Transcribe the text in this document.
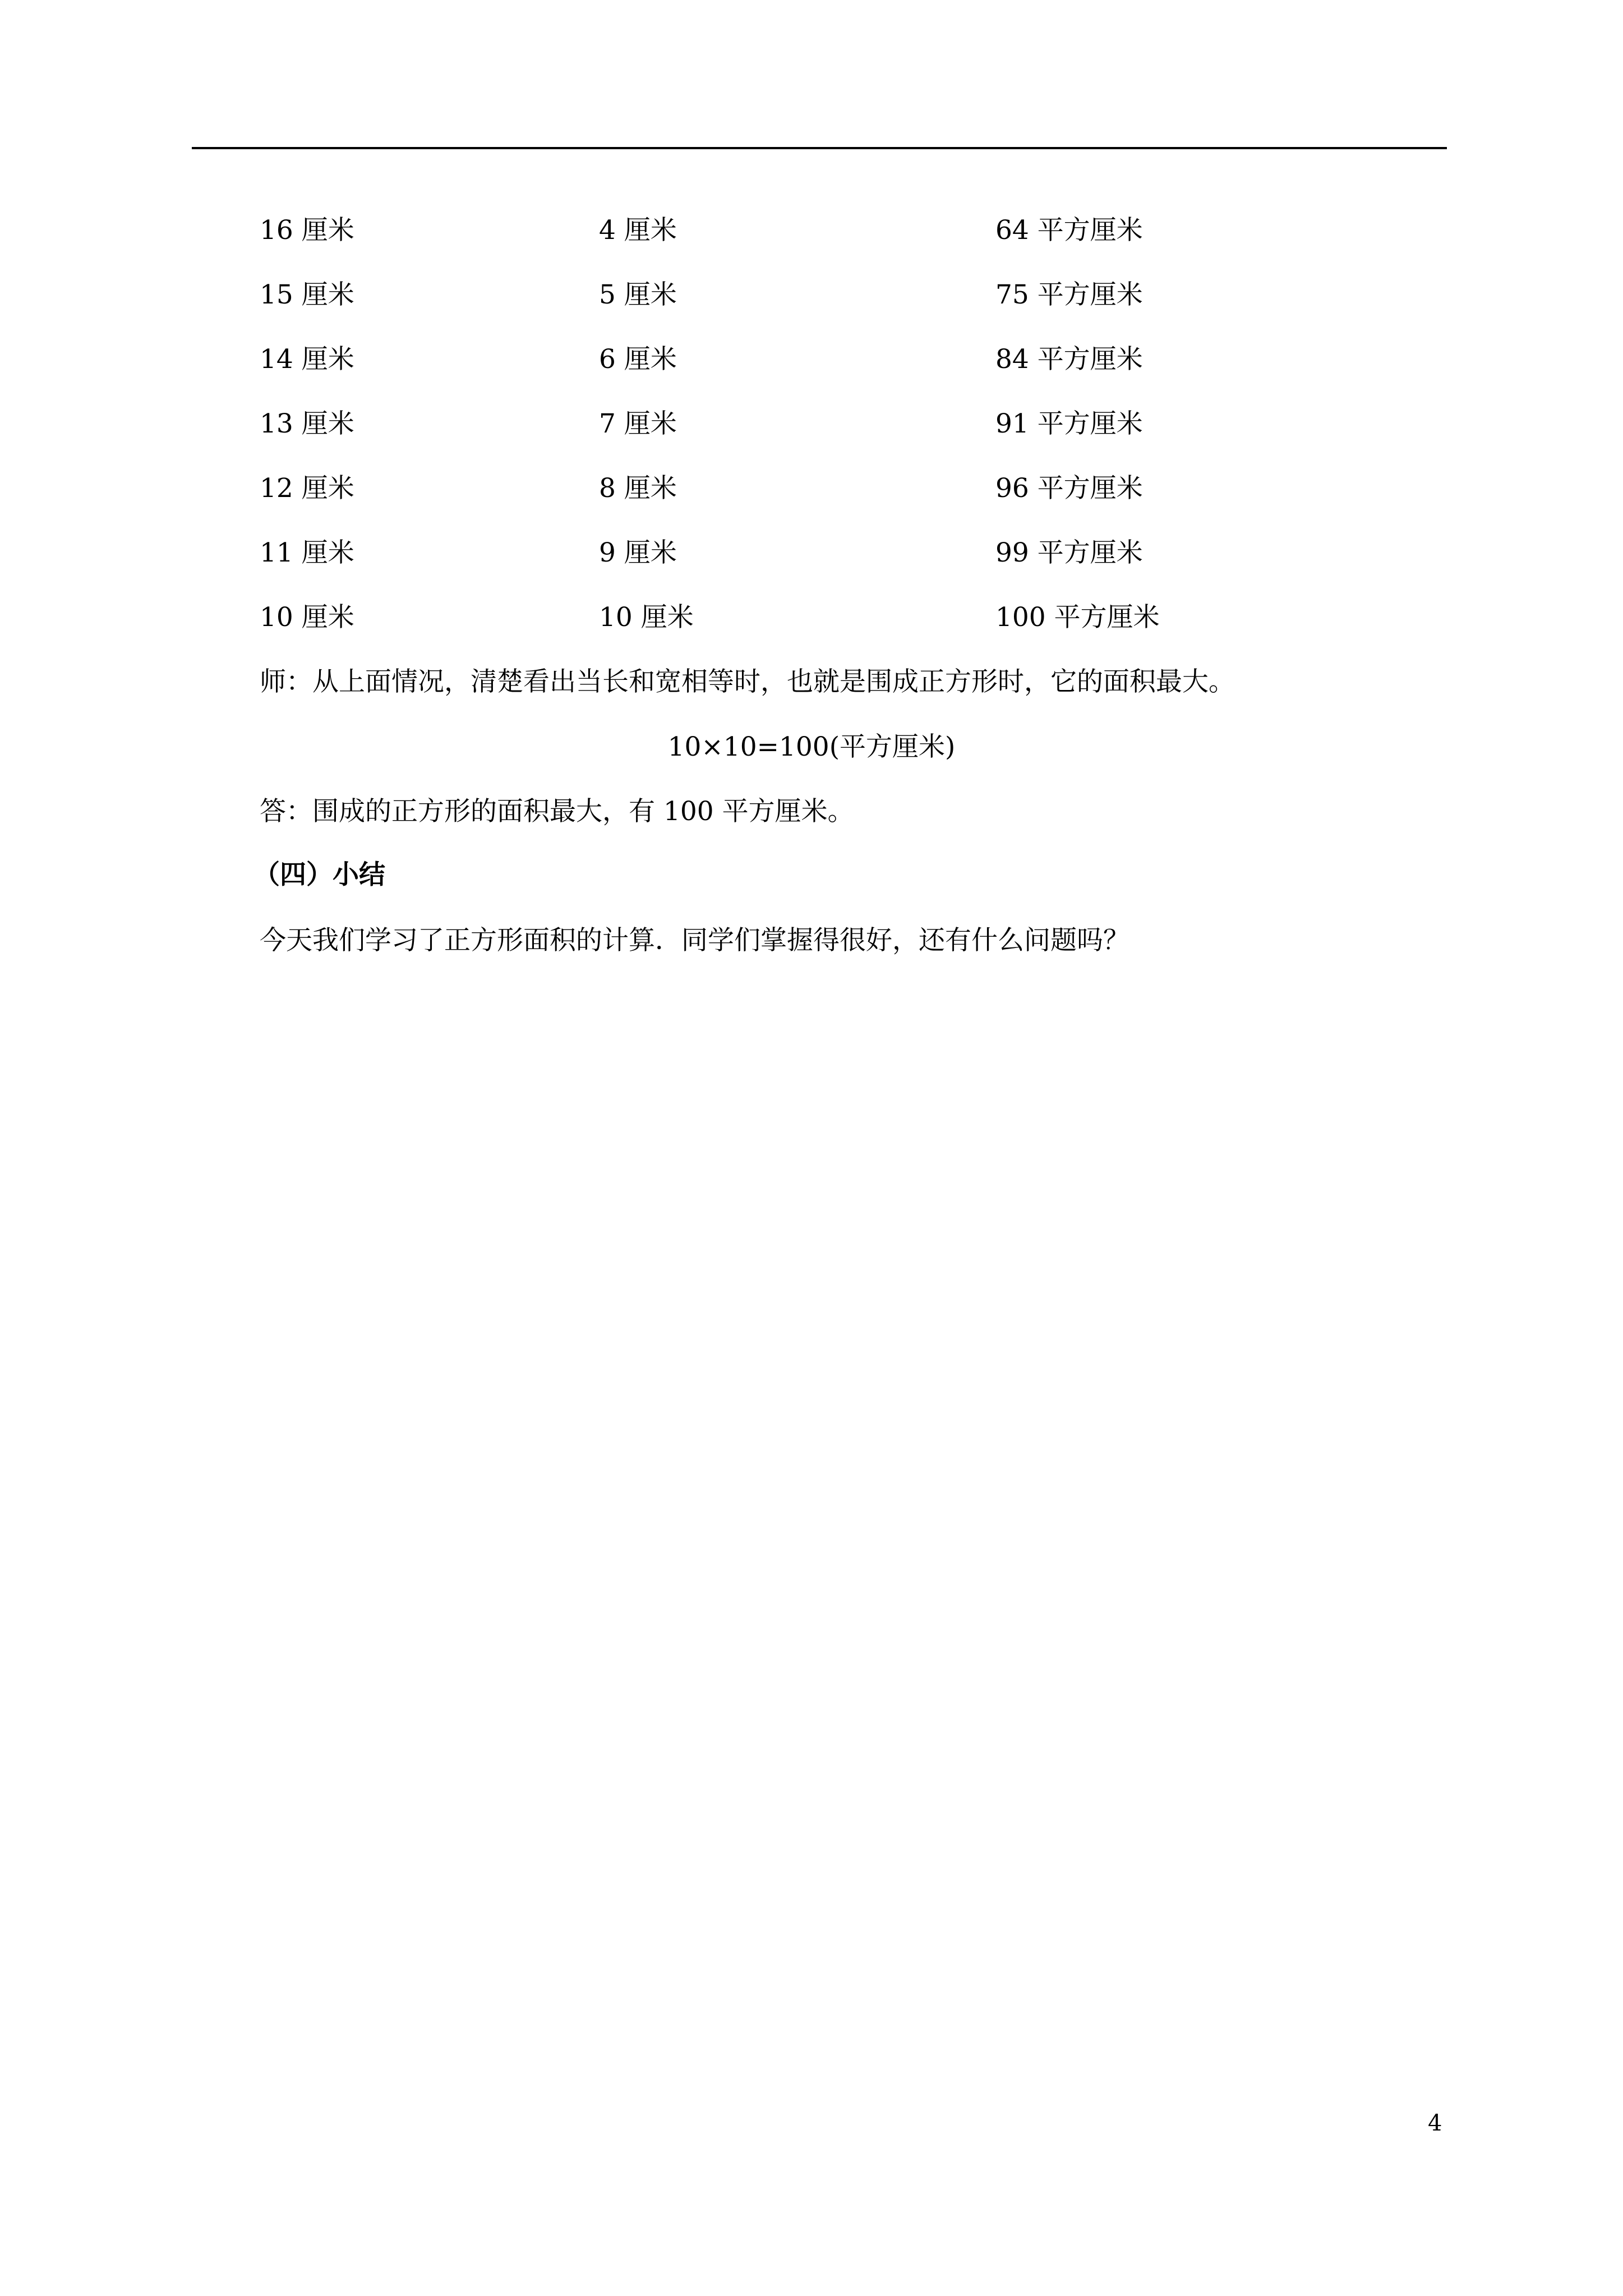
16 厘米	4 厘米	64 平方厘米
15 厘米	5 厘米	75 平方厘米
14 厘米	6 厘米	84 平方厘米
13 厘米	7 厘米	91 平方厘米
12 厘米	8 厘米	96 平方厘米
11 厘米	9 厘米	99 平方厘米
10 厘米	10 厘米	100 平方厘米
师：从上面情况，清楚看出当长和宽相等时，也就是围成正方形时，它的面积最大。
10×10=100(平方厘米)
答：围成的正方形的面积最大，有 100 平方厘米。
（四）小结
今天我们学习了正方形面积的计算．同学们掌握得很好，还有什么问题吗？
4
